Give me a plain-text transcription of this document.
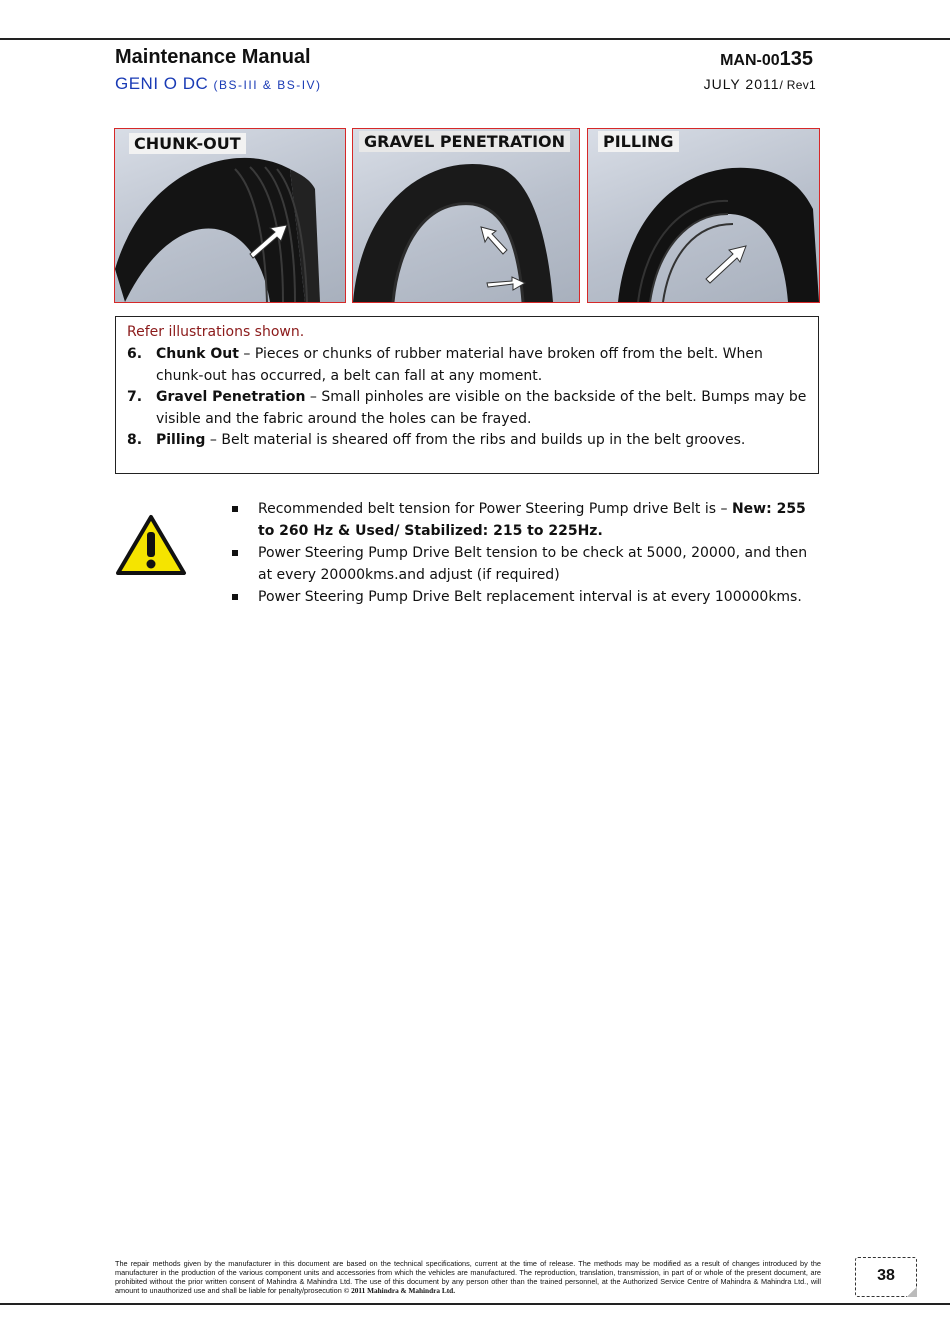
Maintenance Manual
GENI O DC (BS-III & BS-IV)
MAN-00135
JULY 2011/ Rev1
CHUNK-OUT	GRAVEL PENETRATION	PILLING
Refer illustrations shown.
6. Chunk Out – Pieces or chunks of rubber material have broken off from the belt. When chunk-out has occurred, a belt can fall at any moment.
7. Gravel Penetration – Small pinholes are visible on the backside of the belt. Bumps may be visible and the fabric around the holes can be frayed.
8. Pilling – Belt material is sheared off from the ribs and builds up in the belt grooves.
Recommended belt tension for Power Steering Pump drive Belt is – New: 255 to 260 Hz & Used/ Stabilized: 215 to 225Hz.
Power Steering Pump Drive Belt tension to be check at 5000, 20000, and then at every 20000kms.and adjust (if required)
Power Steering Pump Drive Belt replacement interval is at every 100000kms.
The repair methods given by the manufacturer in this document are based on the technical specifications, current at the time of release. The methods may be modified as a result of changes introduced by the manufacturer in the production of the various component units and accessories from which the vehicles are manufactured. The reproduction, translation, transmission, in part of or whole of the present document, are prohibited without the prior written consent of Mahindra & Mahindra Ltd. The use of this document by any person other than the trained personnel, at the Authorized Service Centre of Mahindra & Mahindra Ltd., will amount to unauthorized use and shall be liable for penalty/prosecution © 2011 Mahindra & Mahindra Ltd.
38
